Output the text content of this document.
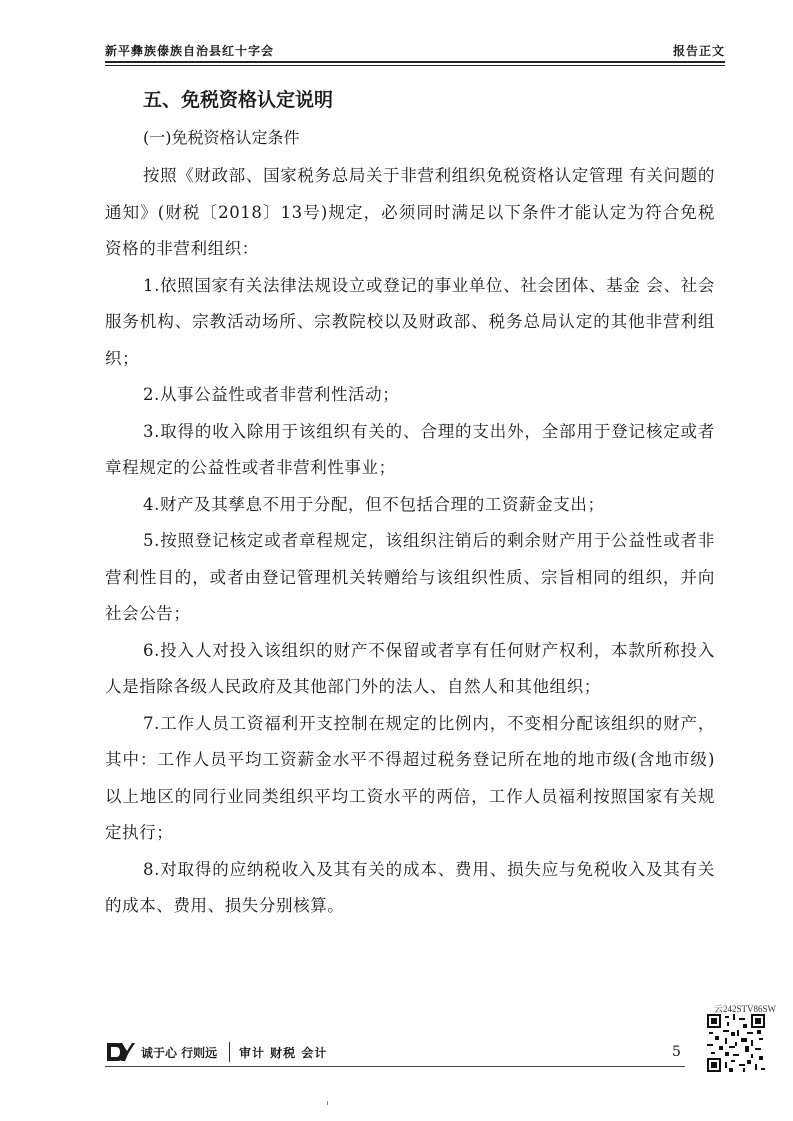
新平彝族傣族自治县红十字会	报告正文
五、免税资格认定说明

(一)免税资格认定条件

按照《财政部、国家税务总局关于非营利组织免税资格认定管理 有关问题的通知》(财税〔2018〕13号)规定，必须同时满足以下条件才能认定为符合免税资格的非营利组织：

1.依照国家有关法律法规设立或登记的事业单位、社会团体、基金 会、社会服务机构、宗教活动场所、宗教院校以及财政部、税务总局认定的其他非营利组织；

2.从事公益性或者非营利性活动；

3.取得的收入除用于该组织有关的、合理的支出外，全部用于登记核定或者章程规定的公益性或者非营利性事业；

4.财产及其孳息不用于分配，但不包括合理的工资薪金支出；

5.按照登记核定或者章程规定，该组织注销后的剩余财产用于公益性或者非营利性目的，或者由登记管理机关转赠给与该组织性质、宗旨相同的组织，并向社会公告；

6.投入人对投入该组织的财产不保留或者享有任何财产权利，本款所称投入人是指除各级人民政府及其他部门外的法人、自然人和其他组织；

7.工作人员工资福利开支控制在规定的比例内，不变相分配该组织的财产，其中：工作人员平均工资薪金水平不得超过税务登记所在地的地市级(含地市级)以上地区的同行业同类组织平均工资水平的两倍，工作人员福利按照国家有关规定执行；

8.对取得的应纳税收入及其有关的成本、费用、损失应与免税收入及其有关的成本、费用、损失分别核算。

云242STV86SW
诚于心 行则远 审计 财税 会计	5
